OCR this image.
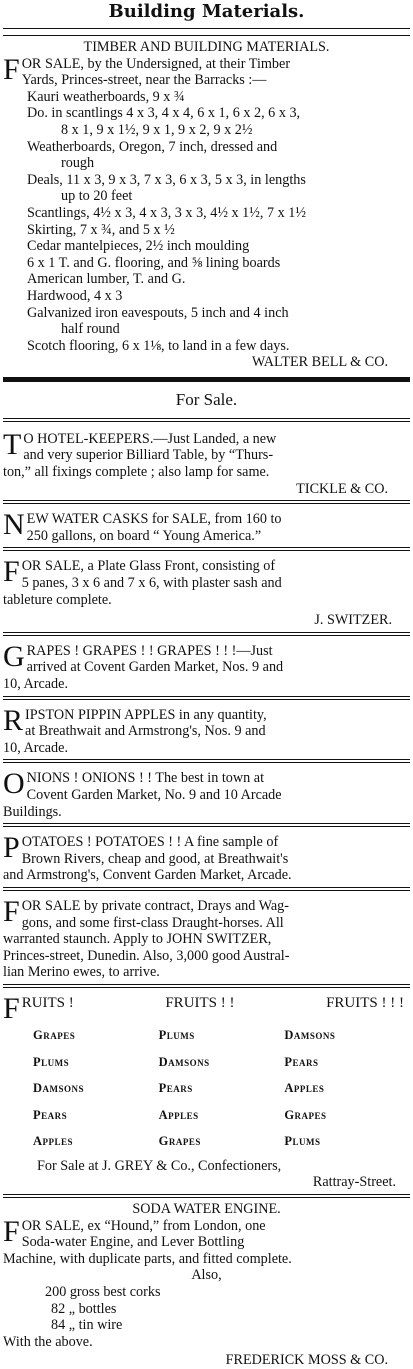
Building Materials.
TIMBER AND BUILDING MATERIALS.
F OR SALE, by the Undersigned, at their Timber
Yards, Princes-street, near the Barracks :—
Kauri weatherboards, 9 x ¾
Do. in scantlings 4 x 3, 4 x 4, 6 x 1, 6 x 2, 6 x 3,
8 x 1, 9 x 1½, 9 x 1, 9 x 2, 9 x 2½
Weatherboards, Oregon, 7 inch, dressed and
rough
Deals, 11 x 3, 9 x 3, 7 x 3, 6 x 3, 5 x 3, in lengths
up to 20 feet
Scantlings, 4½ x 3, 4 x 3, 3 x 3, 4½ x 1½, 7 x 1½
Skirting, 7 x ¾, and 5 x ½
Cedar mantelpieces, 2½ inch moulding
6 x 1 T. and G. flooring, and ⅝ lining boards
American lumber, T. and G.
Hardwood, 4 x 3
Galvanized iron eavespouts, 5 inch and 4 inch
half round
Scotch flooring, 6 x 1⅛, to land in a few days.
WALTER BELL & CO.
For Sale.
T O HOTEL-KEEPERS.—Just Landed, a new
and very superior Billiard Table, by “Thurs-
ton,” all fixings complete ; also lamp for same.
TICKLE & CO.
N EW WATER CASKS for SALE, from 160 to
250 gallons, on board “ Young America.”
F OR SALE, a Plate Glass Front, consisting of
5 panes, 3 x 6 and 7 x 6, with plaster sash and
tableture complete.
J. SWITZER.
G RAPES ! GRAPES ! ! GRAPES ! ! !—Just
arrived at Covent Garden Market, Nos. 9 and
10, Arcade.
R IPSTON PIPPIN APPLES in any quantity,
at Breathwait and Armstrong's, Nos. 9 and
10, Arcade.
O NIONS ! ONIONS ! ! The best in town at
Covent Garden Market, No. 9 and 10 Arcade
Buildings.
P OTATOES ! POTATOES ! ! A fine sample of
Brown Rivers, cheap and good, at Breathwait's
and Armstrong's, Convent Garden Market, Arcade.
F OR SALE by private contract, Drays and Wag-
gons, and some first-class Draught-horses. All
warranted staunch. Apply to JOHN SWITZER,
Princes-street, Dunedin. Also, 3,000 good Austral-
lian Merino ewes, to arrive.
F RUITS !	FRUITS ! !	FRUITS ! ! !
Grapes	Plums	Damsons
Plums	Damsons	Pears
Damsons	Pears	Apples
Pears	Apples	Grapes
Apples	Grapes	Plums
For Sale at J. GREY & Co., Confectioners,
Rattray-Street.
SODA WATER ENGINE.
F OR SALE, ex “Hound,” from London, one
Soda-water Engine, and Lever Bottling
Machine, with duplicate parts, and fitted complete.
Also,
200 gross best corks
82 „ bottles
84 „ tin wire
With the above.
FREDERICK MOSS & CO.
